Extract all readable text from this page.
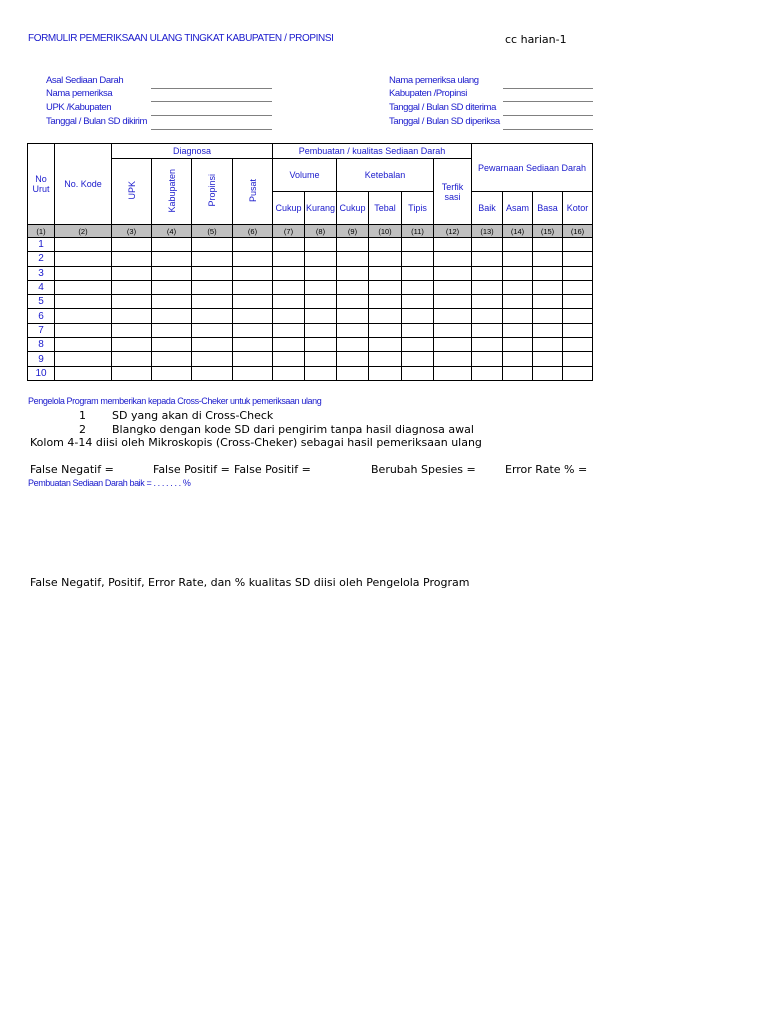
FORMULIR PEMERIKSAAN ULANG TINGKAT KABUPATEN / PROPINSI	cc harian-1
Asal Sediaan Darah
Nama pemeriksa
UPK /Kabupaten
Tanggal / Bulan SD dikirim
Nama pemeriksa ulang
Kabupaten /Propinsi
Tanggal / Bulan SD diterima
Tanggal / Bulan SD diperiksa
No Urut	No. Kode	Diagnosa				Pembuatan / kualitas Sediaan Darah						Pewarnaan Sediaan Darah			
		UPK	Kabupaten	Propinsi	Pusat	Volume		Ketebalan			Terfik sasi				
						Cukup	Kurang	Cukup	Tebal	Tipis		Baik	Asam	Basa	Kotor
(1)	(2)	(3)	(4)	(5)	(6)	(7)	(8)	(9)	(10)	(11)	(12)	(13)	(14)	(15)	(16)
1															
2															
3															
4															
5															
6															
7															
8															
9															
10															
Pengelola Program memberikan kepada Cross-Cheker untuk pemeriksaan ulang
1 SD yang akan di Cross-Check
2 Blangko dengan kode SD dari pengirim tanpa hasil diagnosa awal
Kolom 4-14 diisi oleh Mikroskopis (Cross-Cheker) sebagai hasil pemeriksaan ulang
False Negatif =	False Positif = False Positif =	Berubah Spesies =	Error Rate % =
Pembuatan Sediaan Darah baik = . . . . . . . %
False Negatif, Positif, Error Rate, dan % kualitas SD diisi oleh Pengelola Program
